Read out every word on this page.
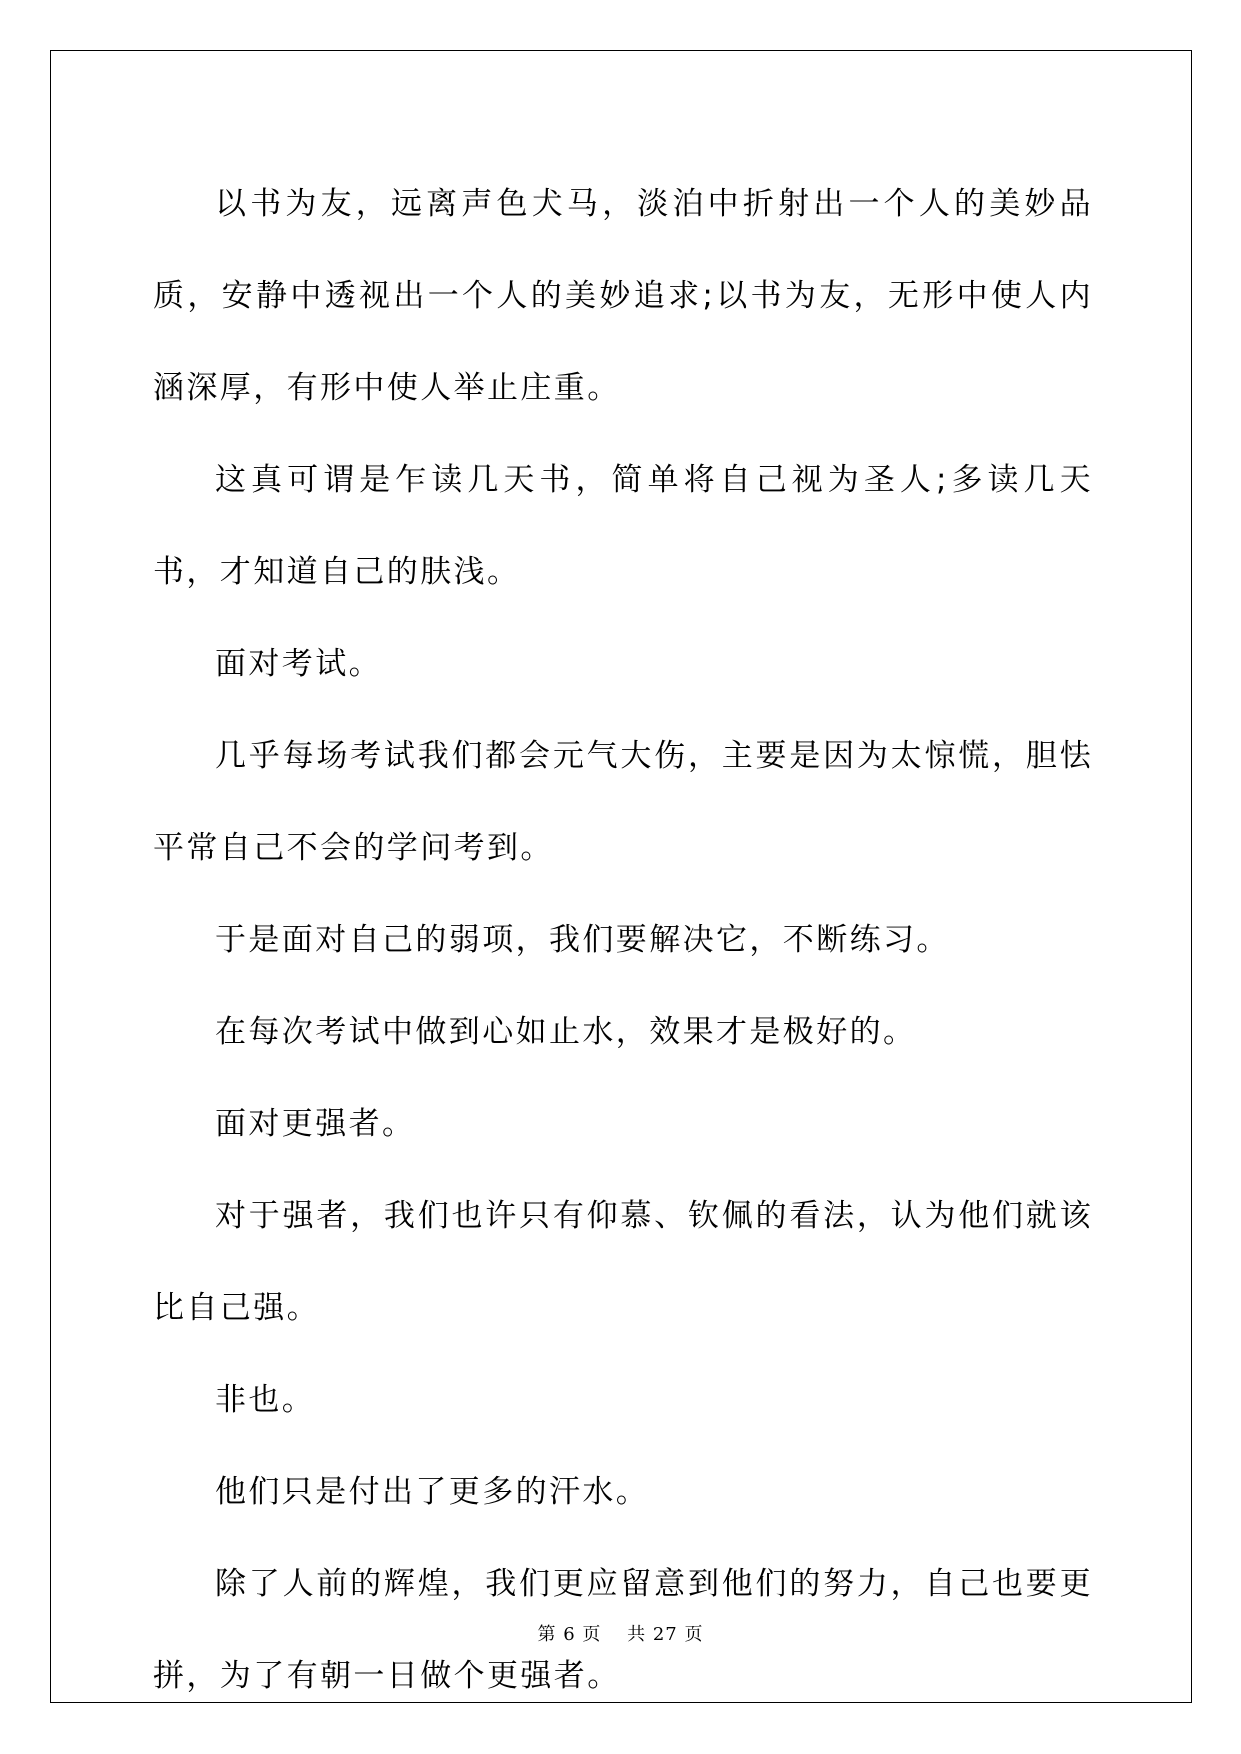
以书为友，远离声色犬马，淡泊中折射出一个人的美妙品质，安静中透视出一个人的美妙追求;以书为友，无形中使人内涵深厚，有形中使人举止庄重。

这真可谓是乍读几天书，简单将自己视为圣人;多读几天书，才知道自己的肤浅。

面对考试。

几乎每场考试我们都会元气大伤，主要是因为太惊慌，胆怯　 平常自己不会的学问考到。

于是面对自己的弱项，我们要解决它，不断练习。

在每次考试中做到心如止水，效果才是极好的。

面对更强者。

对于强者，我们也许只有仰慕、钦佩的看法，认为他们就该比自己强。

非也。

他们只是付出了更多的汗水。

除了人前的辉煌，我们更应留意到他们的努力，自己也要更拼，为了有朝一日做个更强者。

第 6 页　 共 27 页
